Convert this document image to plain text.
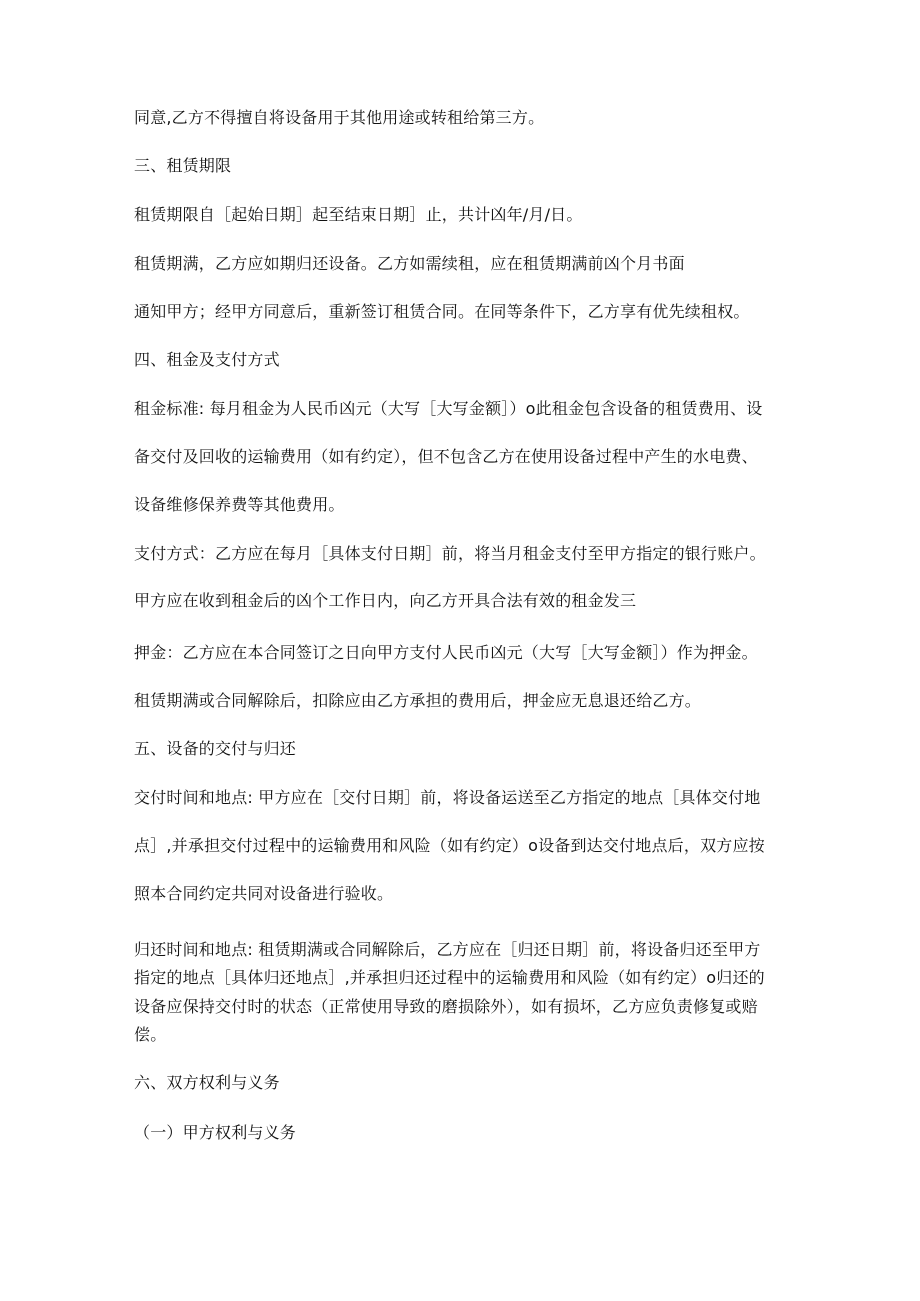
同意,乙方不得擅自将设备用于其他用途或转租给第三方。
三、租赁期限
租赁期限自［起始日期］起至结束日期］止，共计凶年/月/日。
租赁期满，乙方应如期归还设备。乙方如需续租，应在租赁期满前凶个月书面
通知甲方；经甲方同意后，重新签订租赁合同。在同等条件下，乙方享有优先续租权。
四、租金及支付方式
租金标准: 每月租金为人民币凶元（大写［大写金额］）o此租金包含设备的租赁费用、设
备交付及回收的运输费用（如有约定），但不包含乙方在使用设备过程中产生的水电费、
设备维修保养费等其他费用。
支付方式：乙方应在每月［具体支付日期］前，将当月租金支付至甲方指定的银行账户。
甲方应在收到租金后的凶个工作日内，向乙方开具合法有效的租金发三
押金：乙方应在本合同签订之日向甲方支付人民币凶元（大写［大写金额］）作为押金。
租赁期满或合同解除后，扣除应由乙方承担的费用后，押金应无息退还给乙方。
五、设备的交付与归还
交付时间和地点: 甲方应在［交付日期］前，将设备运送至乙方指定的地点［具体交付地
点］,并承担交付过程中的运输费用和风险（如有约定）o设备到达交付地点后，双方应按
照本合同约定共同对设备进行验收。
归还时间和地点: 租赁期满或合同解除后，乙方应在［归还日期］前，将设备归还至甲方
指定的地点［具体归还地点］,并承担归还过程中的运输费用和风险（如有约定）o归还的
设备应保持交付时的状态（正常使用导致的磨损除外），如有损坏，乙方应负责修复或赔
偿。
六、双方权利与义务
（一）甲方权利与义务
